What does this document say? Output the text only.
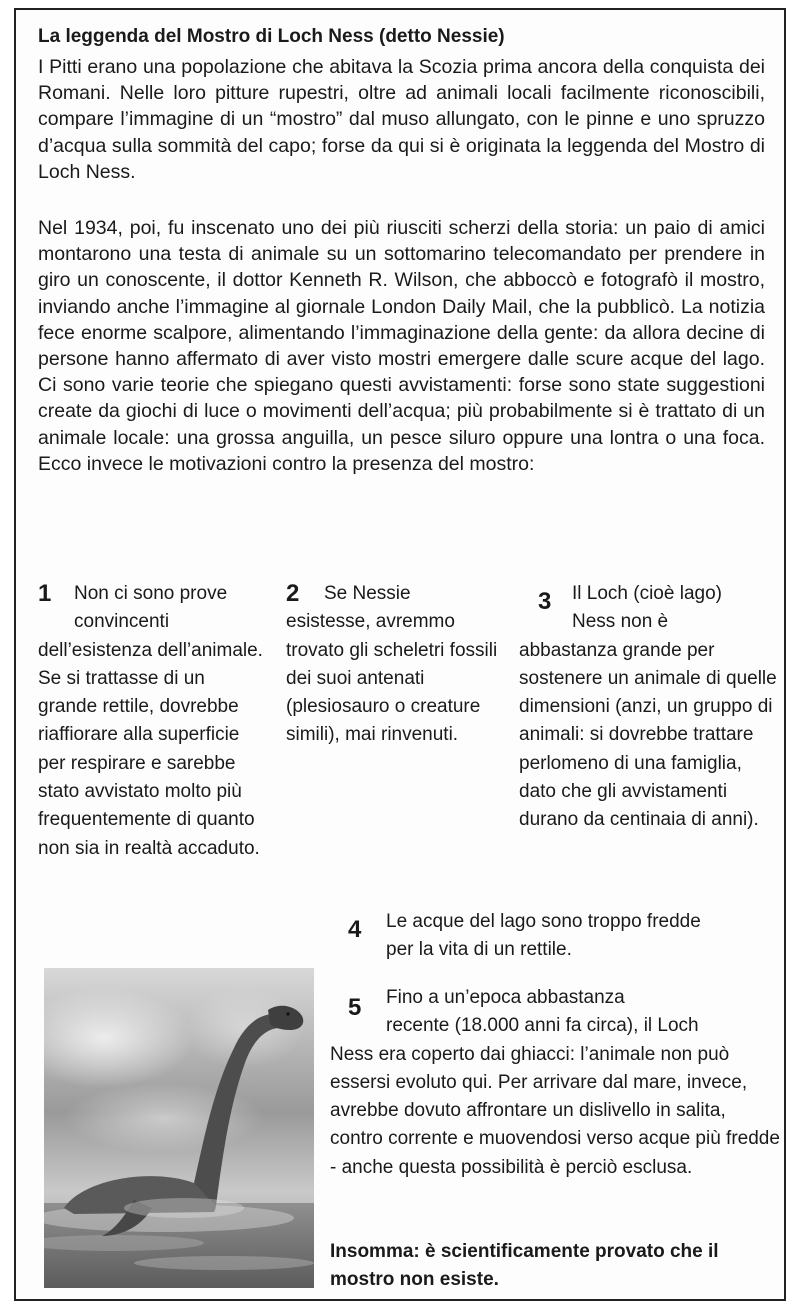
La leggenda del Mostro di Loch Ness (detto Nessie)

I Pitti erano una popolazione che abitava la Scozia prima ancora della conquista dei Romani. Nelle loro pitture rupestri, oltre ad animali locali facilmente riconoscibili, compare l’immagine di un “mostro” dal muso allungato, con le pinne e uno spruzzo d’acqua sulla sommità del capo; forse da qui si è originata la leggenda del Mostro di Loch Ness.

Nel 1934, poi, fu inscenato uno dei più riusciti scherzi della storia: un paio di amici montarono una testa di animale su un sottomarino telecomandato per prendere in giro un conoscente, il dottor Kenneth R. Wilson, che abboccò e fotografò il mostro, inviando anche l’immagine al giornale London Daily Mail, che la pubblicò. La notizia fece enorme scalpore, alimentando l’immaginazione della gente: da allora decine di persone hanno affermato di aver visto mostri emergere dalle scure acque del lago. Ci sono varie teorie che spiegano questi avvistamenti: forse sono state suggestioni create da giochi di luce o movimenti dell’acqua; più probabilmente si è trattato di un animale locale: una grossa anguilla, un pesce siluro oppure una lontra o una foca. Ecco invece le motivazioni contro la presenza del mostro:

1	Non ci sono prove
convincenti
dell’esistenza dell’animale. Se si trattasse di un grande rettile, dovrebbe riaffiorare alla superficie per respirare e sarebbe stato avvistato molto più frequentemente di quanto non sia in realtà accaduto.
2	Se Nessie
esistesse, avremmo trovato gli scheletri fossili dei suoi antenati (plesiosauro o creature simili), mai rinvenuti.
3	Il Loch (cioè lago)
Ness non è
abbastanza grande per sostenere un animale di quelle dimensioni (anzi, un gruppo di animali: si dovrebbe trattare perlomeno di una famiglia, dato che gli avvistamenti durano da centinaia di anni).
4 Le acque del lago sono troppo fredde
per la vita di un rettile.
5	Fino a un’epoca abbastanza
recente (18.000 anni fa circa), il Loch
Ness era coperto dai ghiacci: l’animale non può essersi evoluto qui. Per arrivare dal mare, invece, avrebbe dovuto affrontare un dislivello in salita, contro corrente e muovendosi verso acque più fredde - anche questa possibilità è perciò esclusa.
Insomma: è scientificamente provato che il mostro non esiste.
